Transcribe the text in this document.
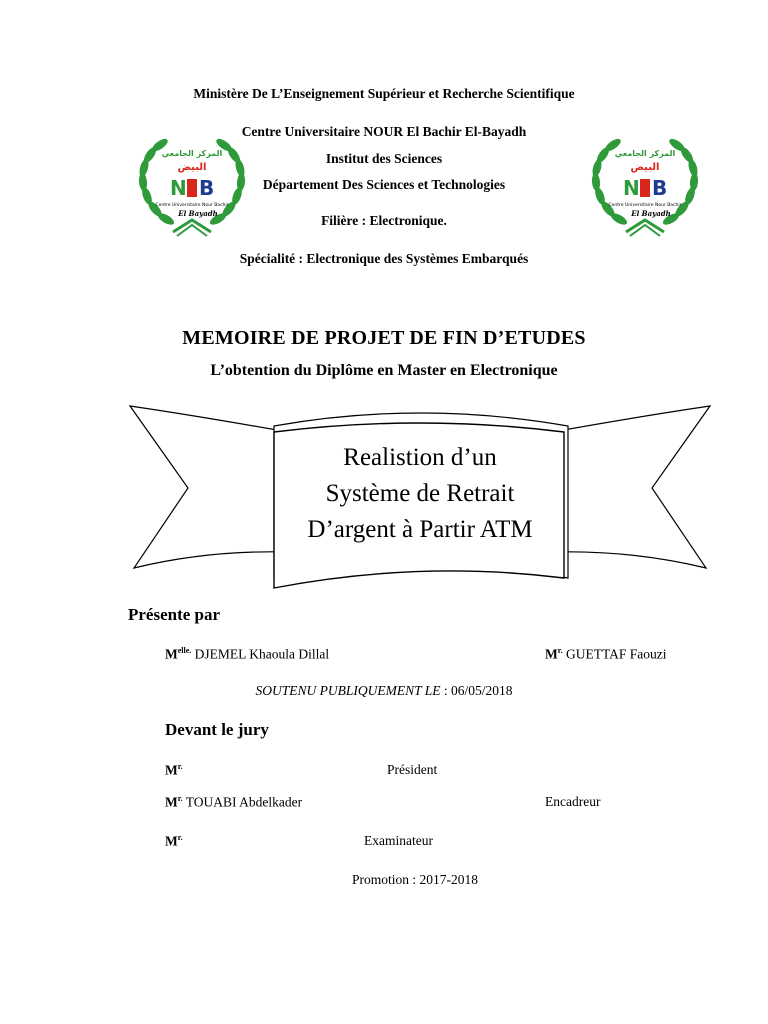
Ministère De L’Enseignement Supérieur et Recherche Scientifique
Centre Universitaire NOUR El Bachir El-Bayadh
Institut des Sciences
Département Des Sciences et Technologies
Filière : Electronique.
Spécialité : Electronique des Systèmes Embarqués
المركز الجامعي
البيض
N B
Centre Universitaire Nour Bachir
El Bayadh
المركز الجامعي
البيض
N B
Centre Universitaire Nour Bachir
El Bayadh
MEMOIRE DE PROJET DE FIN D’ETUDES
L’obtention du Diplôme en Master en Electronique
Realistion d’un
Système de Retrait
D’argent à Partir ATM
Présente par
$M^{elle.}$ DJEMEL Khaoula Dillal	$M^{r.}$ GUETTAF Faouzi
SOUTENU PUBLIQUEMENT LE : 06/05/2018
Devant le jury
$M^{r.}$	Président
$M^{r.}$ TOUABI Abdelkader	Encadreur
$M^{r.}$	Examinateur
Promotion : 2017-2018
